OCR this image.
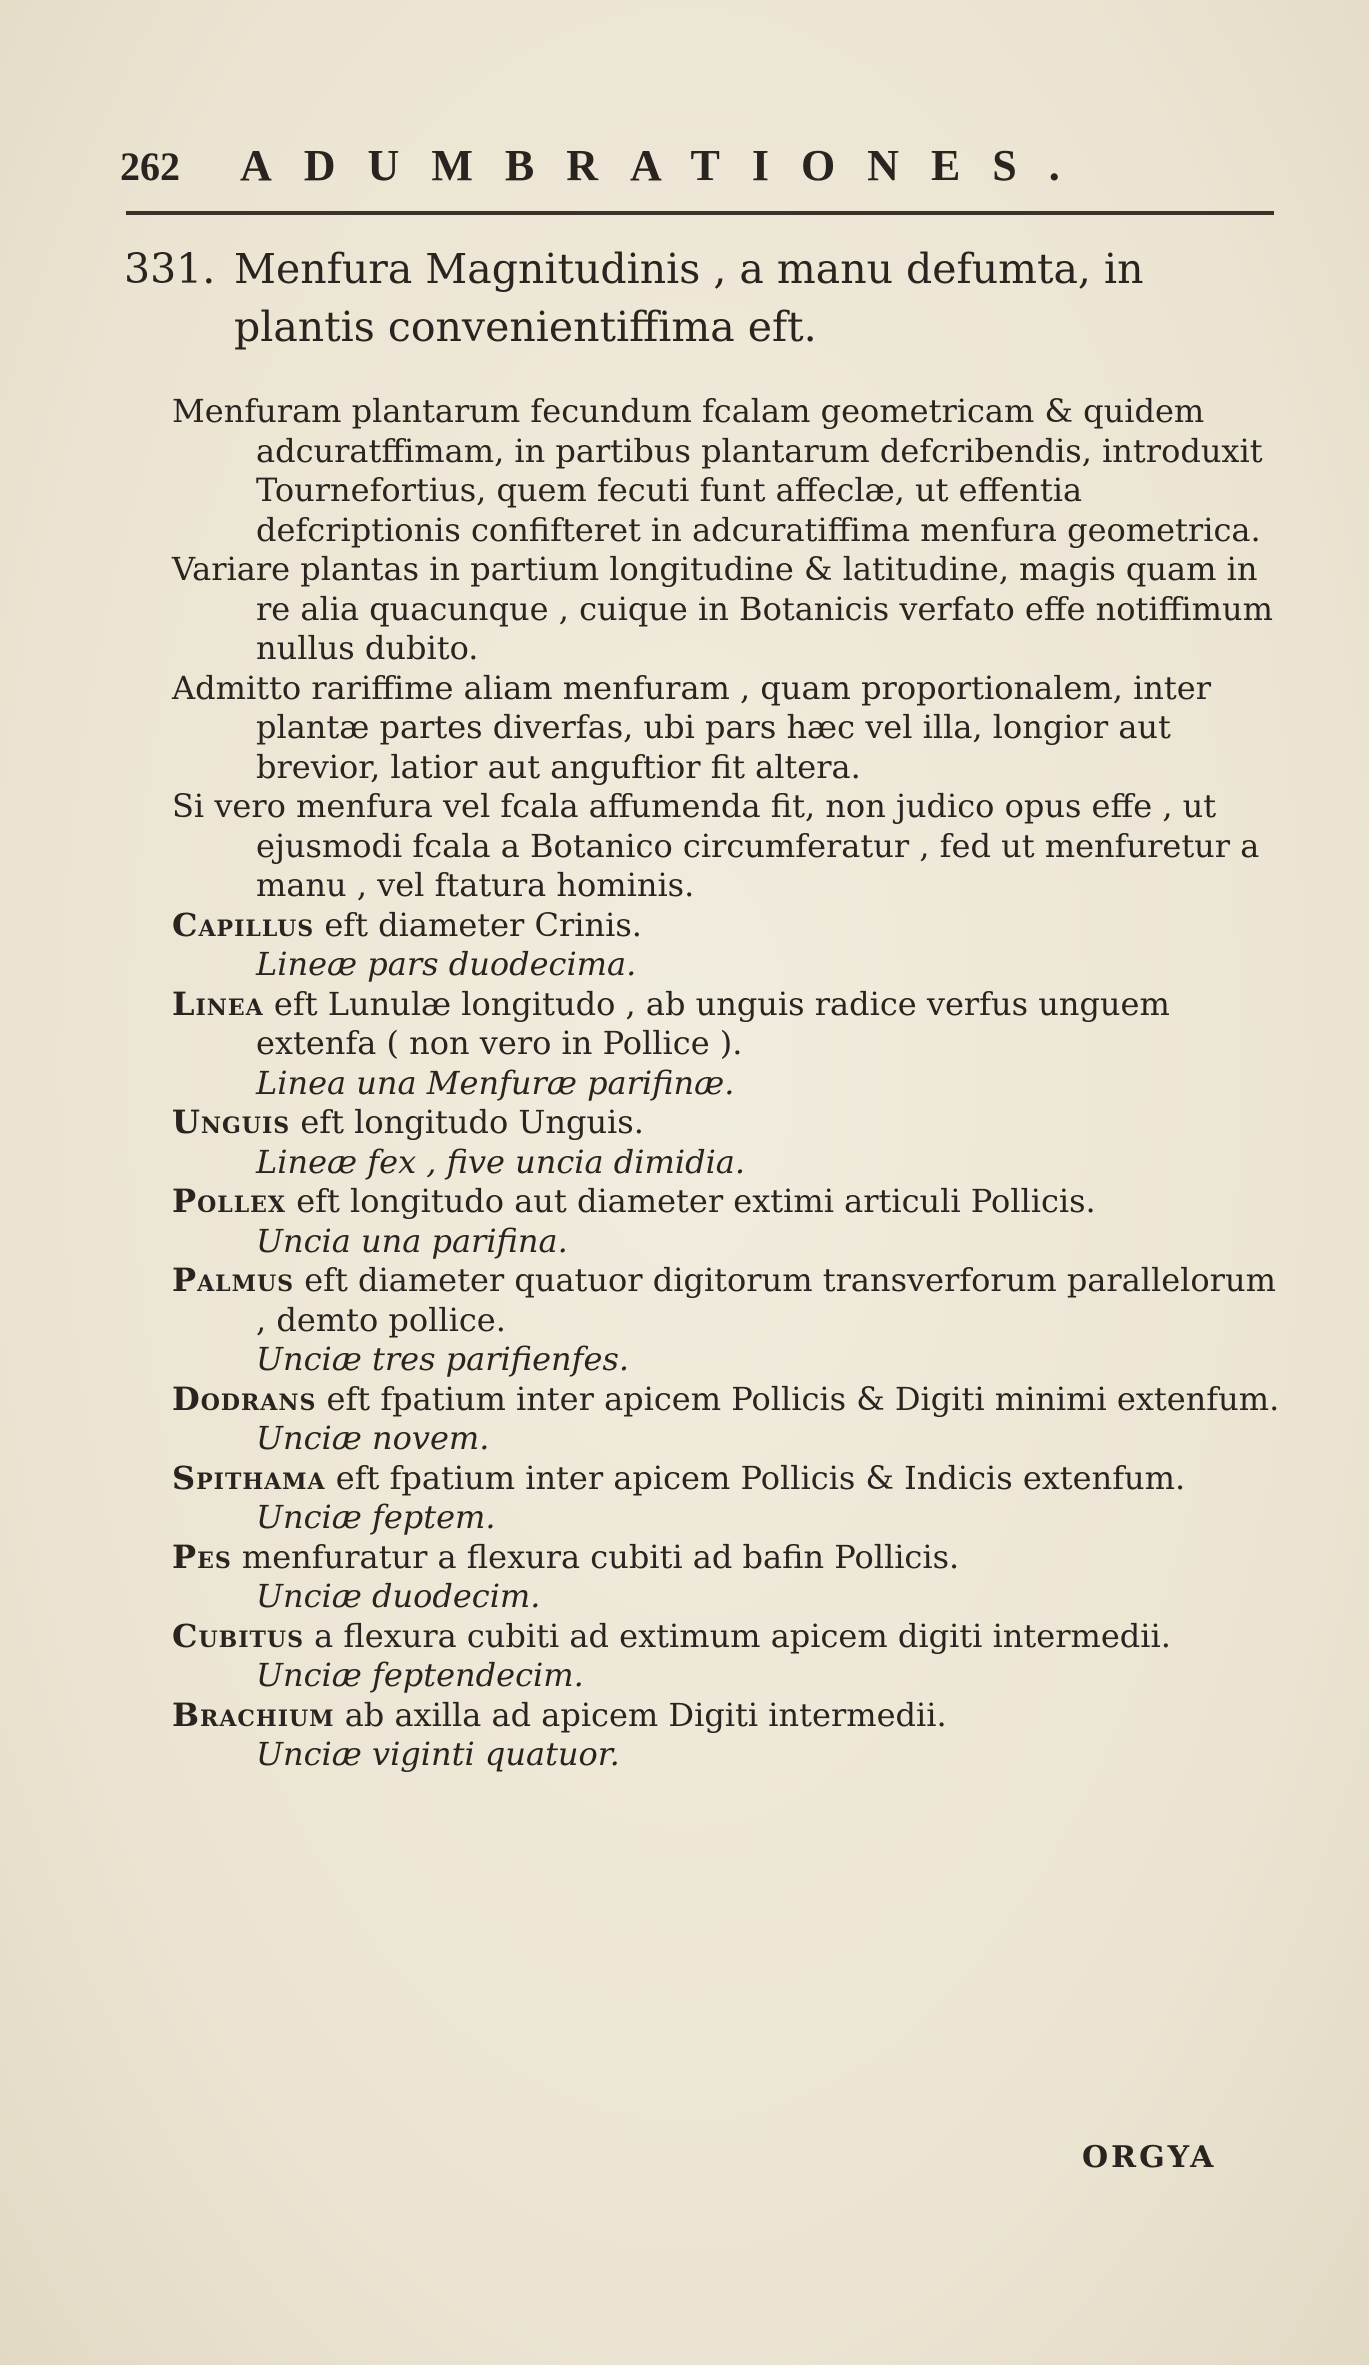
262	ADUMBRATIONES.
331. Menfura Magnitudinis , a manu defumta, in
plantis convenientiffima eft.

Menfuram plantarum fecundum fcalam geometricam & quidem adcuratffimam, in partibus plantarum defcribendis, introduxit Tournefortius, quem fecuti funt affeclæ, ut effentia defcriptionis confifteret in adcuratiffima menfura geometrica.

Variare plantas in partium longitudine & latitudine, magis quam in re alia quacunque , cuique in Botanicis verfato effe notiffimum nullus dubito.

Admitto rariffime aliam menfuram , quam proportionalem, inter plantæ partes diverfas, ubi pars hæc vel illa, longior aut brevior, latior aut anguftior fit altera.

Si vero menfura vel fcala affumenda fit, non judico opus effe , ut ejusmodi fcala a Botanico circumferatur , fed ut menfuretur a manu , vel ftatura hominis.

Capillus eft diameter Crinis.

Lineæ pars duodecima.

Linea eft Lunulæ longitudo , ab unguis radice verfus unguem extenfa ( non vero in Pollice ).

Linea una Menfuræ parifinæ.

Unguis eft longitudo Unguis.

Lineæ fex , five uncia dimidia.

Pollex eft longitudo aut diameter extimi articuli Pollicis.

Uncia una parifina.

Palmus eft diameter quatuor digitorum transverforum parallelorum , demto pollice.

Unciæ tres parifienfes.

Dodrans eft fpatium inter apicem Pollicis & Digiti minimi extenfum.

Unciæ novem.

Spithama eft fpatium inter apicem Pollicis & Indicis extenfum.

Unciæ feptem.

Pes menfuratur a flexura cubiti ad bafin Pollicis.

Unciæ duodecim.

Cubitus a flexura cubiti ad extimum apicem digiti intermedii.

Unciæ feptendecim.

Brachium ab axilla ad apicem Digiti intermedii.

Unciæ viginti quatuor.

ORGYA
